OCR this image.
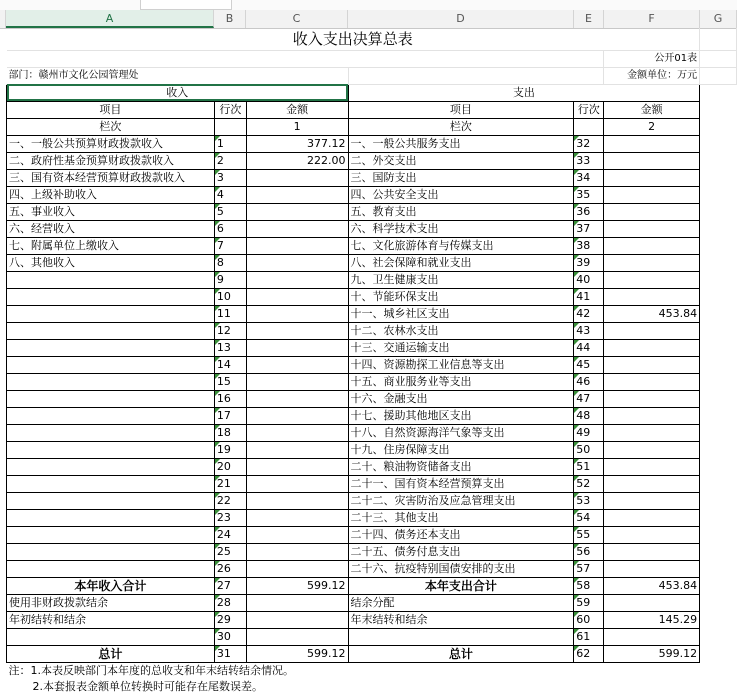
A	B	C	D	E	F	G
收入支出决算总表						
					公开01表	
部门：赣州市文化公园管理处					金额单位：万元	
收入			支出			
项目	行次	金额	项目	行次	金额	
栏次		1	栏次		2	
一、一般公共预算财政拨款收入	1	377.12	一、一般公共服务支出	32		
二、政府性基金预算财政拨款收入	2	222.00	二、外交支出	33		
三、国有资本经营预算财政拨款收入	3		三、国防支出	34		
四、上级补助收入	4		四、公共安全支出	35		
五、事业收入	5		五、教育支出	36		
六、经营收入	6		六、科学技术支出	37		
七、附属单位上缴收入	7		七、文化旅游体育与传媒支出	38		
八、其他收入	8		八、社会保障和就业支出	39		
	9		九、卫生健康支出	40		
	10		十、节能环保支出	41		
	11		十一、城乡社区支出	42	453.84	
	12		十二、农林水支出	43		
	13		十三、交通运输支出	44		
	14		十四、资源勘探工业信息等支出	45		
	15		十五、商业服务业等支出	46		
	16		十六、金融支出	47		
	17		十七、援助其他地区支出	48		
	18		十八、自然资源海洋气象等支出	49		
	19		十九、住房保障支出	50		
	20		二十、粮油物资储备支出	51		
	21		二十一、国有资本经营预算支出	52		
	22		二十二、灾害防治及应急管理支出	53		
	23		二十三、其他支出	54		
	24		二十四、债务还本支出	55		
	25		二十五、债务付息支出	56		
	26		二十六、抗疫特别国债安排的支出	57		
本年收入合计	27	599.12	本年支出合计	58	453.84	
使用非财政拨款结余	28		结余分配	59		
年初结转和结余	29		年末结转和结余	60	145.29	
	30			61		
总计	31	599.12	总计	62	599.12	
注：1.本表反映部门本年度的总收支和年末结转结余情况。						
2.本套报表金额单位转换时可能存在尾数误差。						
